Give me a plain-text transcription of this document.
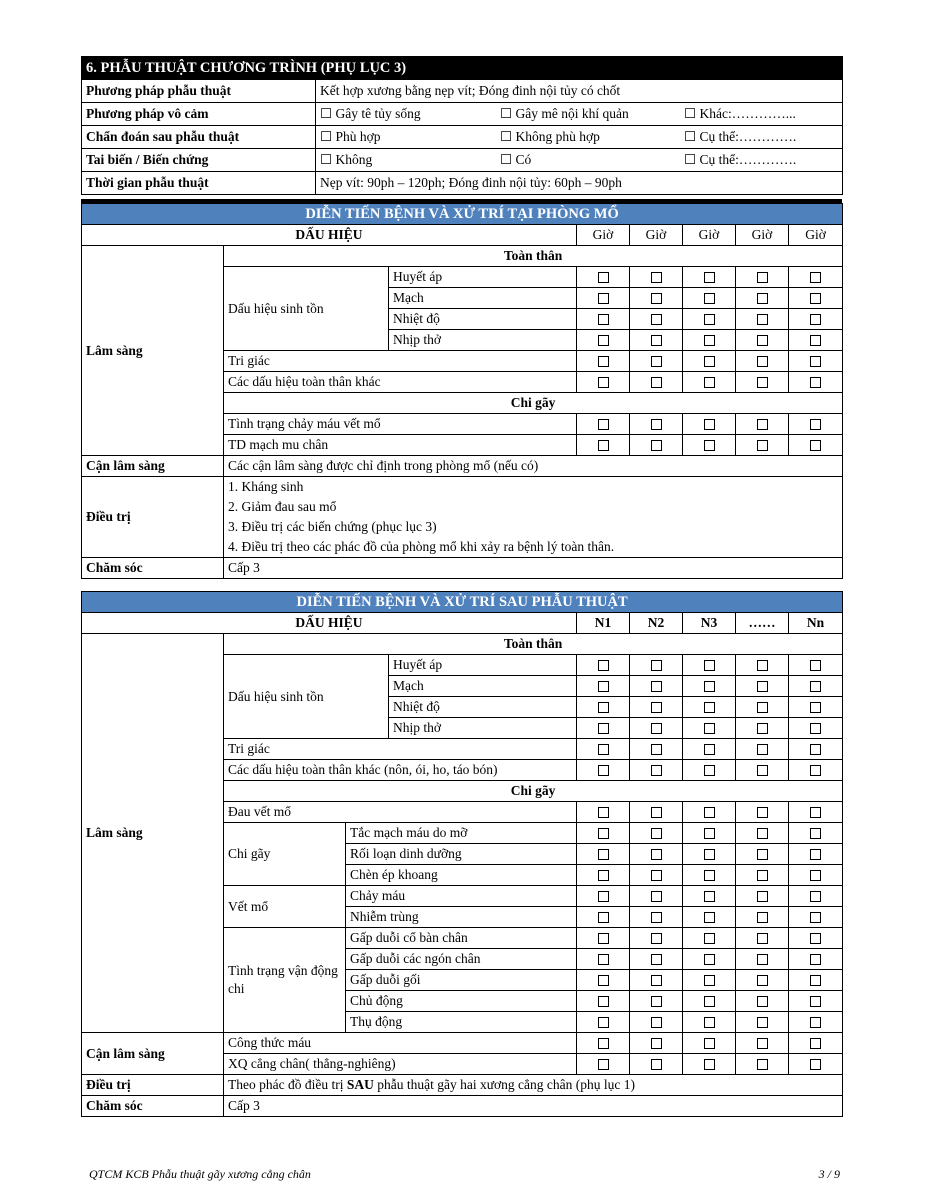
6. PHẪU THUẬT CHƯƠNG TRÌNH (PHỤ LỤC 3)	
Phương pháp phẫu thuật	Kết hợp xương bằng nẹp vít; Đóng đinh nội tủy có chốt
Phương pháp vô cảm	☐ Gây tê tủy sống ☐ Gây mê nội khí quản ☐ Khác:…………...

Chẩn đoán sau phẫu thuật	☐ Phù hợp ☐ Không phù hợp ☐ Cụ thể:………….

Tai biến / Biến chứng	☐ Không ☐ Có ☐ Cụ thể:………….

Thời gian phẫu thuật	Nẹp vít: 90ph – 120ph; Đóng đinh nội tủy: 60ph – 90ph
DIỄN TIẾN BỆNH VÀ XỬ TRÍ TẠI PHÒNG MỔ							
DẤU HIỆU			Giờ	Giờ	Giờ	Giờ	Giờ
Lâm sàng	Toàn thân						
	Dấu hiệu sinh tồn	Huyết áp					
		Mạch					
		Nhiệt độ					
		Nhịp thở					
	Tri giác						
	Các dấu hiệu toàn thân khác						
	Chi gãy						
	Tình trạng chảy máu vết mổ						
	TD mạch mu chân						
Cận lâm sàng	Các cận lâm sàng được chỉ định trong phòng mổ (nếu có)						
Điều trị	1. Kháng sinh						
	2. Giảm đau sau mổ						
	3. Điều trị các biến chứng (phục lục 3)						
	4. Điều trị theo các phác đồ của phòng mổ khi xảy ra bệnh lý toàn thân.						
Chăm sóc	Cấp 3						
DIỄN TIẾN BỆNH VÀ XỬ TRÍ SAU PHẪU THUẬT								
DẤU HIỆU				N1	N2	N3	……	Nn
Lâm sàng	Toàn thân							
	Dấu hiệu sinh tồn		Huyết áp					
			Mạch					
			Nhiệt độ					
			Nhịp thở					
	Tri giác							
	Các dấu hiệu toàn thân khác (nôn, ói, ho, táo bón)							
	Chi gãy							
	Đau vết mổ							
	Chi gãy	Tắc mạch máu do mỡ						
		Rối loạn dinh dưỡng						
		Chèn ép khoang						
	Vết mổ	Chảy máu						
		Nhiễm trùng						
	Tình trạng vận động chi	Gấp duỗi cổ bàn chân						
		Gấp duỗi các ngón chân						
		Gấp duỗi gối						
		Chủ động						
		Thụ động						
Cận lâm sàng	Công thức máu							
	XQ cẳng chân( thẳng-nghiêng)							
Điều trị	Theo phác đồ điều trị SAU phẫu thuật gãy hai xương cẳng chân (phụ lục 1)							
Chăm sóc	Cấp 3							
QTCM KCB Phẫu thuật gãy xương cẳng chân	3 / 9
